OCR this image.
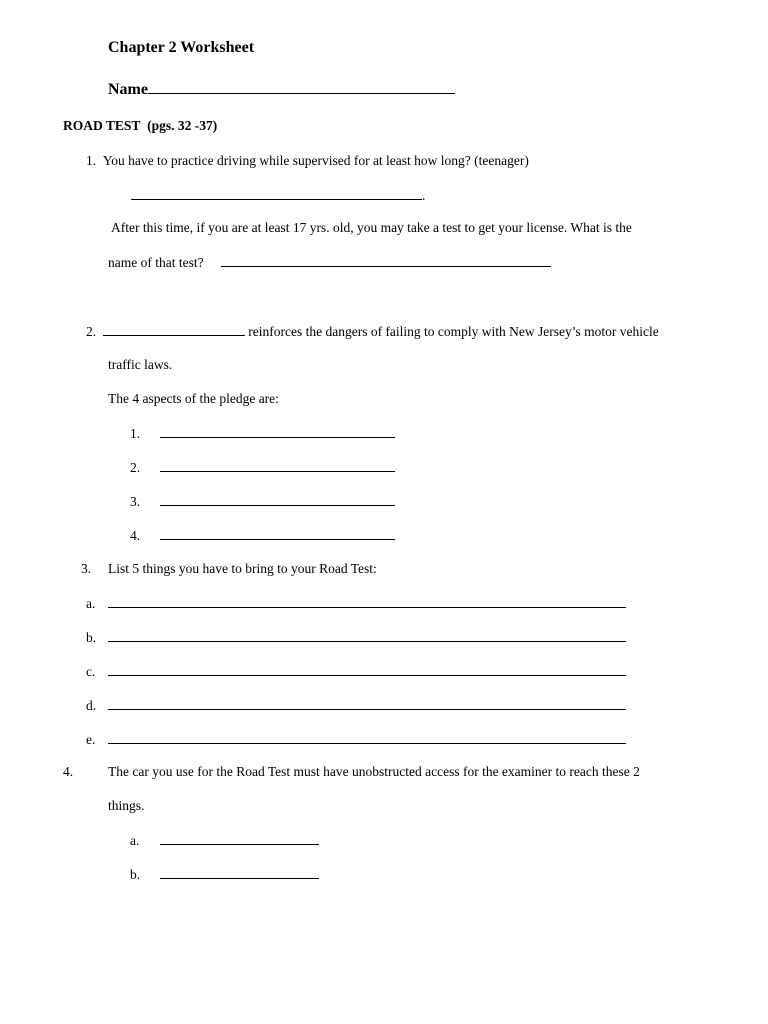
Chapter 2 Worksheet
Name
ROAD TEST (pgs. 32 -37)
1. You have to practice driving while supervised for at least how long? (teenager)
.
After this time, if you are at least 17 yrs. old, you may take a test to get your license. What is the
name of that test?
2.	reinforces the dangers of failing to comply with New Jersey’s motor vehicle
traffic laws.
The 4 aspects of the pledge are:
1.
2.
3.
4.
3. List 5 things you have to bring to your Road Test:
a.
b.
c.
d.
e.
4.	The car you use for the Road Test must have unobstructed access for the examiner to reach these 2
things.
a.
b.
